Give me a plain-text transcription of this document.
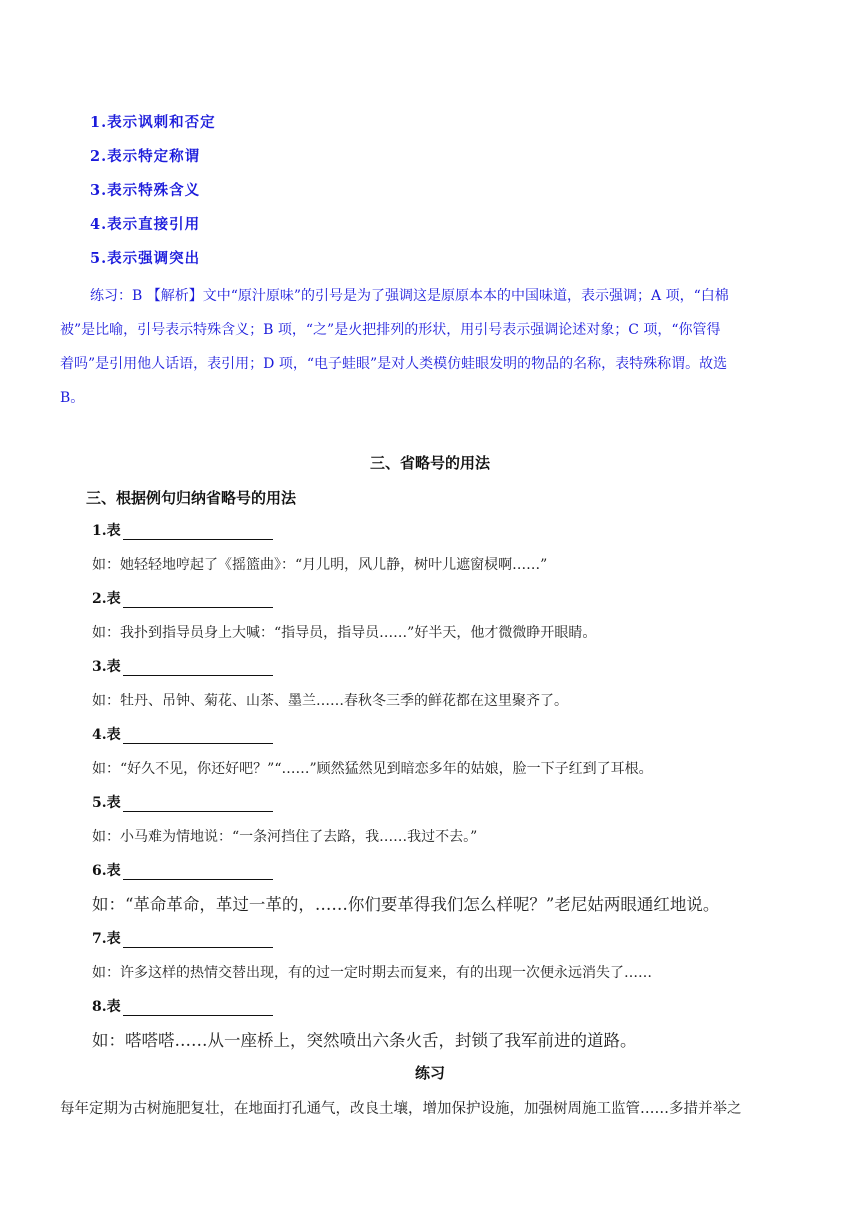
1.表示讽刺和否定
2.表示特定称谓
3.表示特殊含义
4.表示直接引用
5.表示强调突出
练习：B 【解析】文中“原汁原味”的引号是为了强调这是原原本本的中国味道，表示强调；A 项，“白棉
被”是比喻，引号表示特殊含义；B 项，“之”是火把排列的形状，用引号表示强调论述对象；C 项，“你管得
着吗”是引用他人话语，表引用；D 项，“电子蛙眼”是对人类模仿蛙眼发明的物品的名称，表特殊称谓。故选
B。
三、省略号的用法
三、根据例句归纳省略号的用法
1.表
如：她轻轻地哼起了《摇篮曲》：“月儿明，风儿静，树叶儿遮窗棂啊……”
2.表
如：我扑到指导员身上大喊：“指导员，指导员……”好半天，他才微微睁开眼睛。
3.表
如：牡丹、吊钟、菊花、山茶、墨兰……春秋冬三季的鲜花都在这里聚齐了。
4.表
如：“好久不见，你还好吧？”“……”顾然猛然见到暗恋多年的姑娘，脸一下子红到了耳根。
5.表
如：小马难为情地说：“一条河挡住了去路，我……我过不去。”
6.表
如：“革命革命，革过一革的，……你们要革得我们怎么样呢？”老尼姑两眼通红地说。
7.表
如：许多这样的热情交替出现，有的过一定时期去而复来，有的出现一次便永远消失了……
8.表
如：嗒嗒嗒……从一座桥上，突然喷出六条火舌，封锁了我军前进的道路。
练习
每年定期为古树施肥复壮，在地面打孔通气，改良土壤，增加保护设施，加强树周施工监管……多措并举之
